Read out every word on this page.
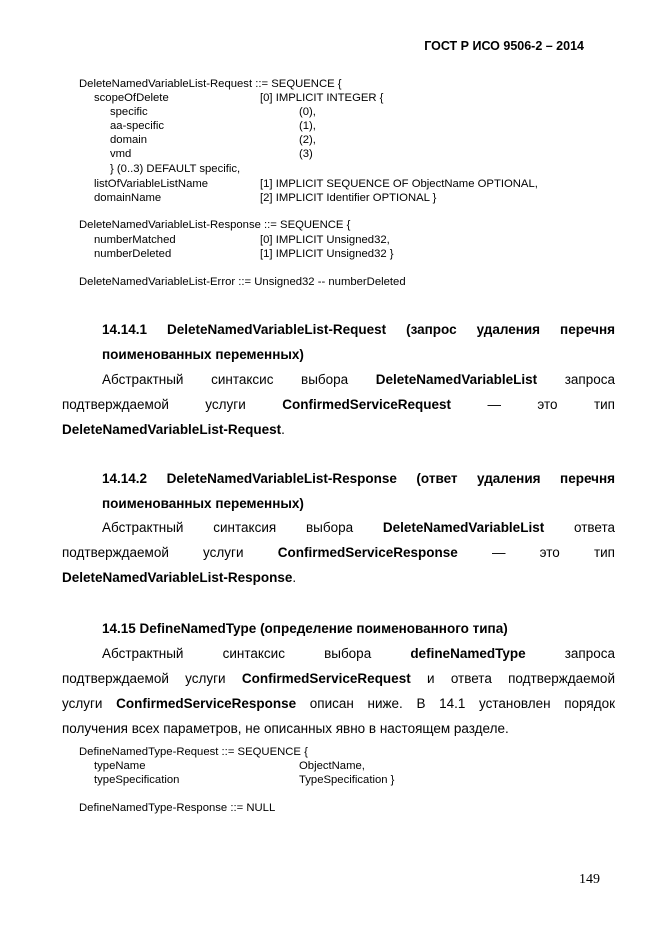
ГОСТ Р ИСО 9506-2 – 2014
DeleteNamedVariableList-Request ::= SEQUENCE {
scopeOfDelete	[0] IMPLICIT INTEGER {
specific	(0),
aa-specific	(1),
domain	(2),
vmd	(3)
} (0..3) DEFAULT specific,
listOfVariableListName	[1] IMPLICIT SEQUENCE OF ObjectName OPTIONAL,
domainName	[2] IMPLICIT Identifier OPTIONAL }
DeleteNamedVariableList-Response ::= SEQUENCE {
numberMatched	[0] IMPLICIT Unsigned32,
numberDeleted	[1] IMPLICIT Unsigned32 }
DeleteNamedVariableList-Error ::= Unsigned32 -- numberDeleted
14.14.1 DeleteNamedVariableList-Request (запрос удаления перечня
поименованных переменных)
Абстрактный синтаксис выбора DeleteNamedVariableList запроса
подтверждаемой услуги ConfirmedServiceRequest — это тип
DeleteNamedVariableList-Request.
14.14.2 DeleteNamedVariableList-Response (ответ удаления перечня
поименованных переменных)
Абстрактный синтаксия выбора DeleteNamedVariableList ответа
подтверждаемой услуги ConfirmedServiceResponse — это тип
DeleteNamedVariableList-Response.
14.15 DefineNamedType (определение поименованного типа)
Абстрактный синтаксис выбора defineNamedType запроса
подтверждаемой услуги ConfirmedServiceRequest и ответа подтверждаемой
услуги ConfirmedServiceResponse описан ниже. В 14.1 установлен порядок
получения всех параметров, не описанных явно в настоящем разделе.
DefineNamedType-Request ::= SEQUENCE {
typeName	ObjectName,
typeSpecification	TypeSpecification }
DefineNamedType-Response ::= NULL
149
